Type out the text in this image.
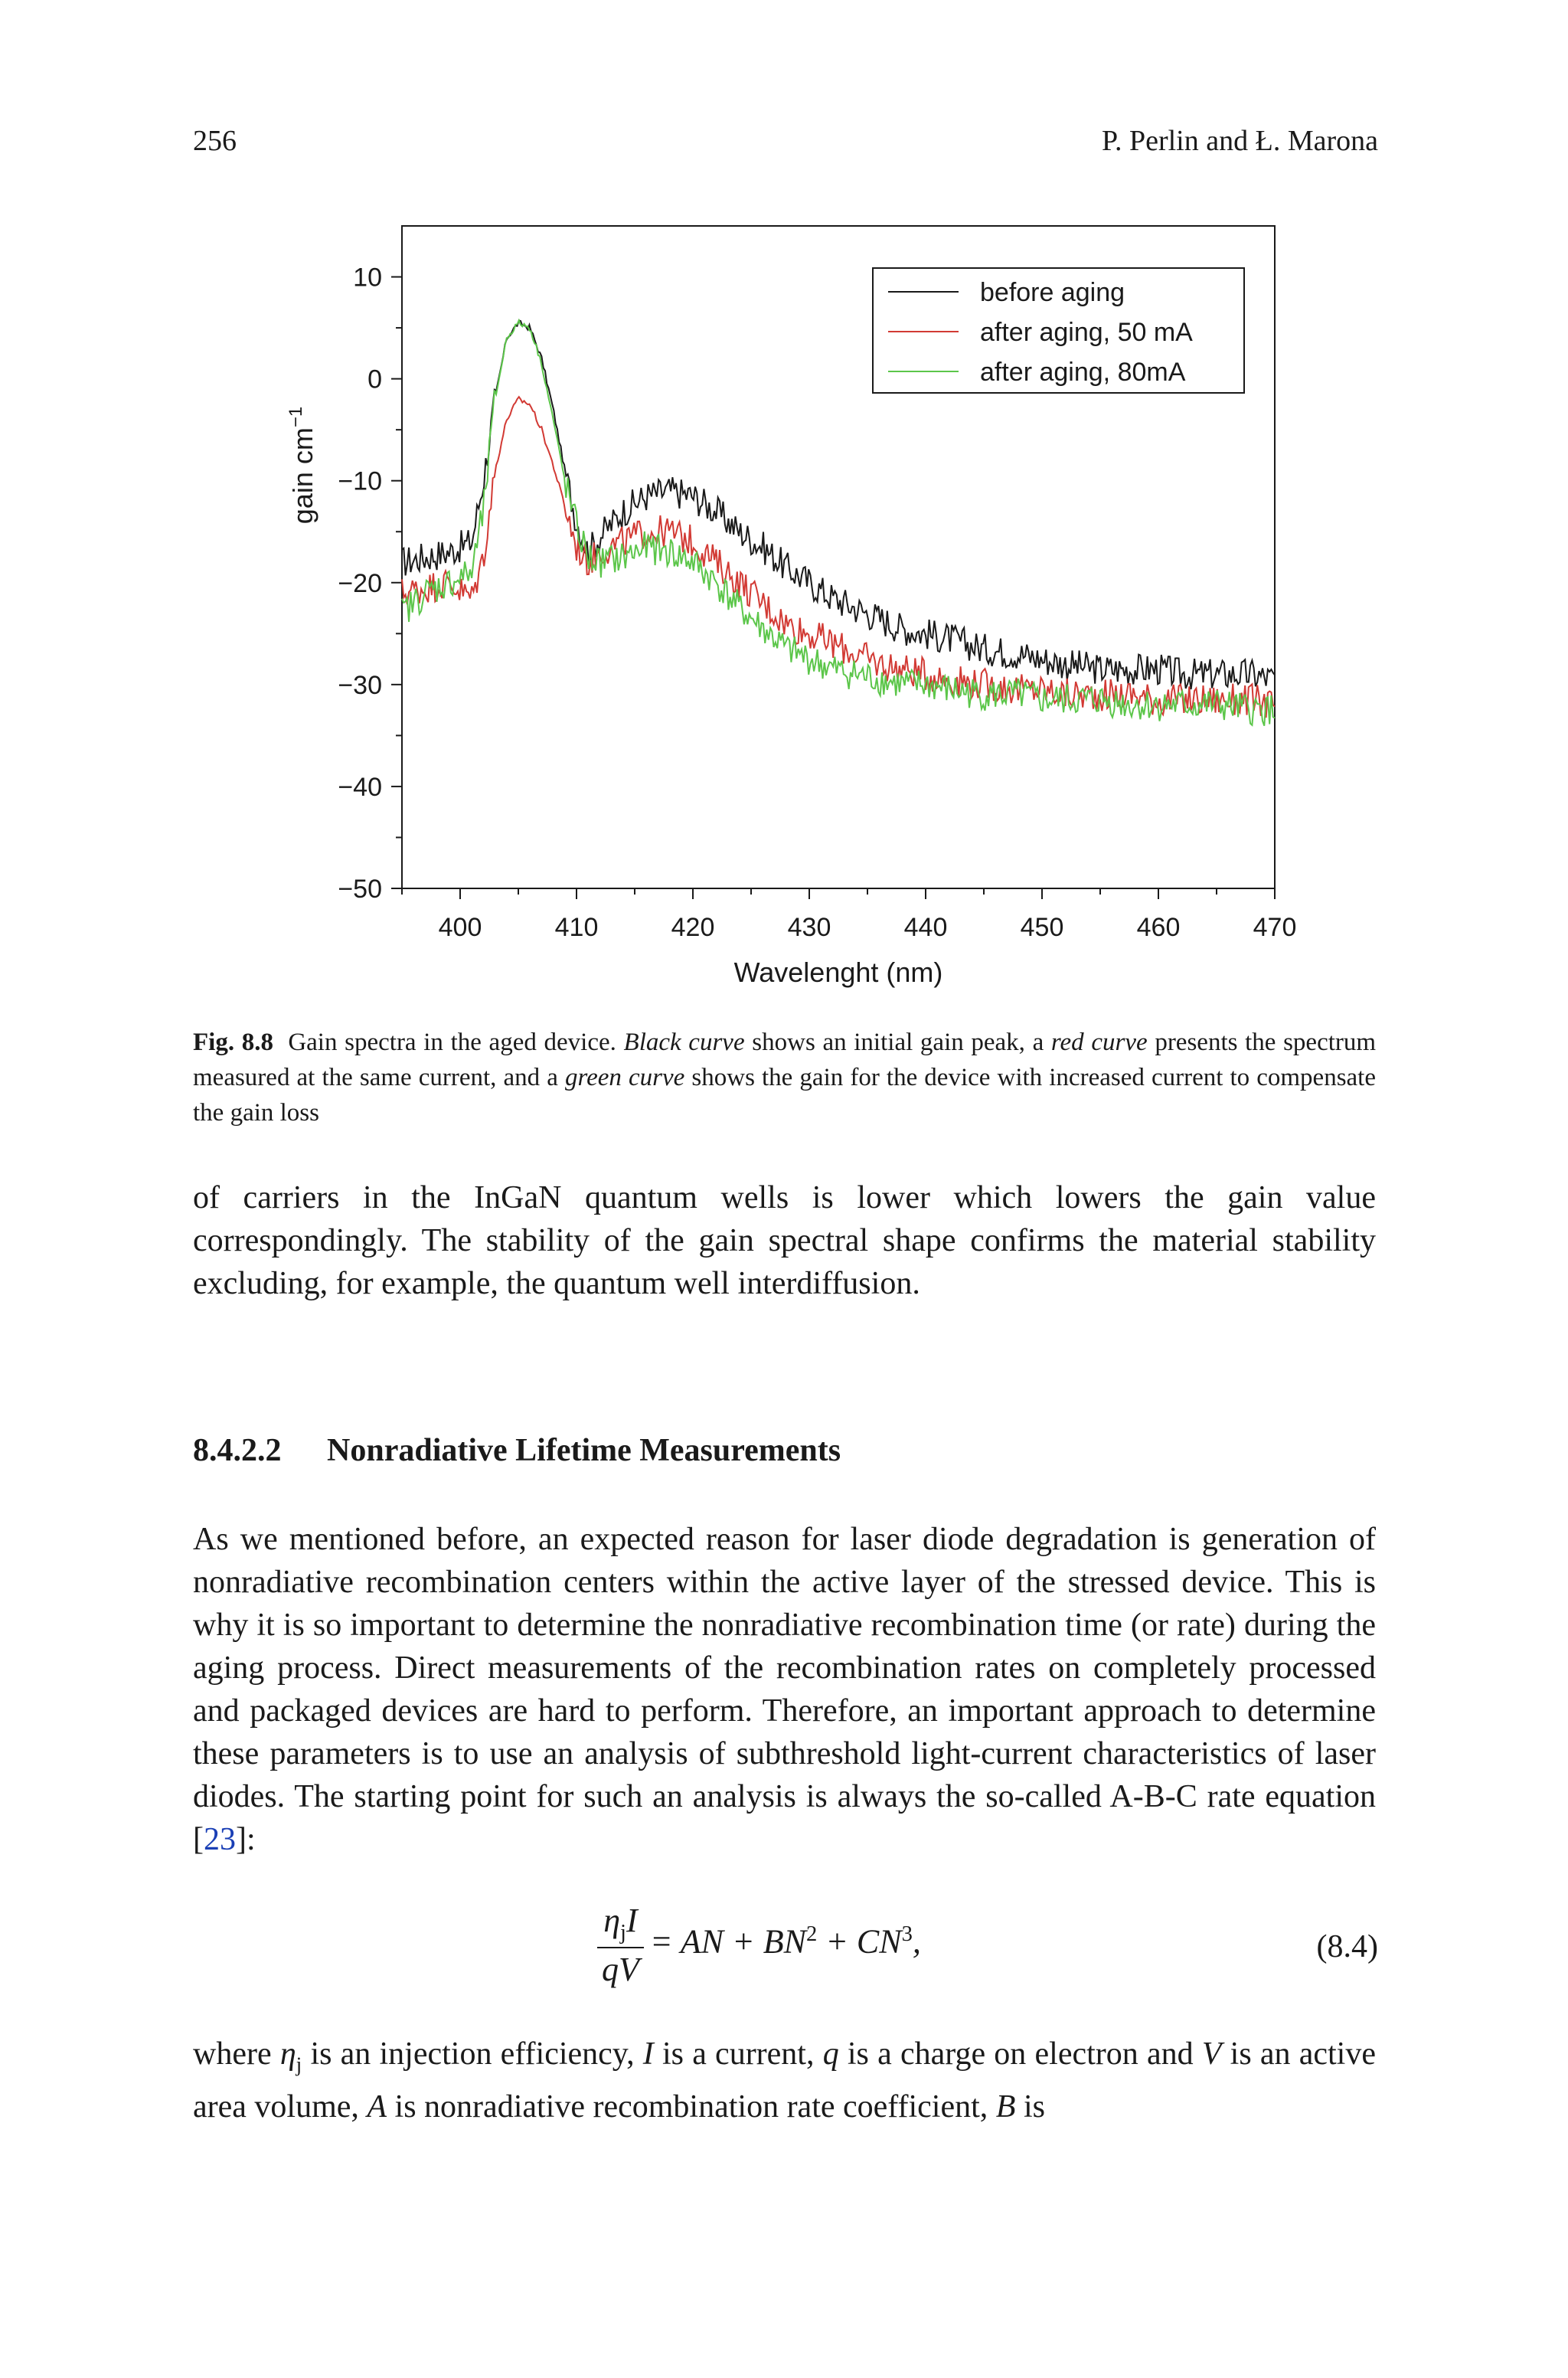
256	P. Perlin and Ł. Marona
10
0
−10
−20
−30
−40
−50
400	410	420	430	440	450	460	470
Wavelenght (nm)
gain $cm^{-1}$
before aging
after aging, 50 mA
after aging, 80mA
Fig. 8.8 Gain spectra in the aged device. Black curve shows an initial gain peak, a red curve presents the spectrum measured at the same current, and a green curve shows the gain for the device with increased current to compensate the gain loss
of carriers in the InGaN quantum wells is lower which lowers the gain value correspondingly. The stability of the gain spectral shape confirms the material stability excluding, for example, the quantum well interdiffusion.
8.4.2.2 Nonradiative Lifetime Measurements
As we mentioned before, an expected reason for laser diode degradation is generation of nonradiative recombination centers within the active layer of the stressed device. This is why it is so important to determine the nonradiative recombination time (or rate) during the aging process. Direct measurements of the recombination rates on completely processed and packaged devices are hard to perform. Therefore, an important approach to determine these parameters is to use an analysis of subthreshold light-current characteristics of laser diodes. The starting point for such an analysis is always the so-called A-B-C rate equation [23]:
$\frac{\eta_jI}{qV}$ = AN + $BN^2 + CN^3$,	(8.4)
where $\eta_j$ is an injection efficiency, I is a current, q is a charge on electron and V is an active area volume, A is nonradiative recombination rate coefficient, B is
